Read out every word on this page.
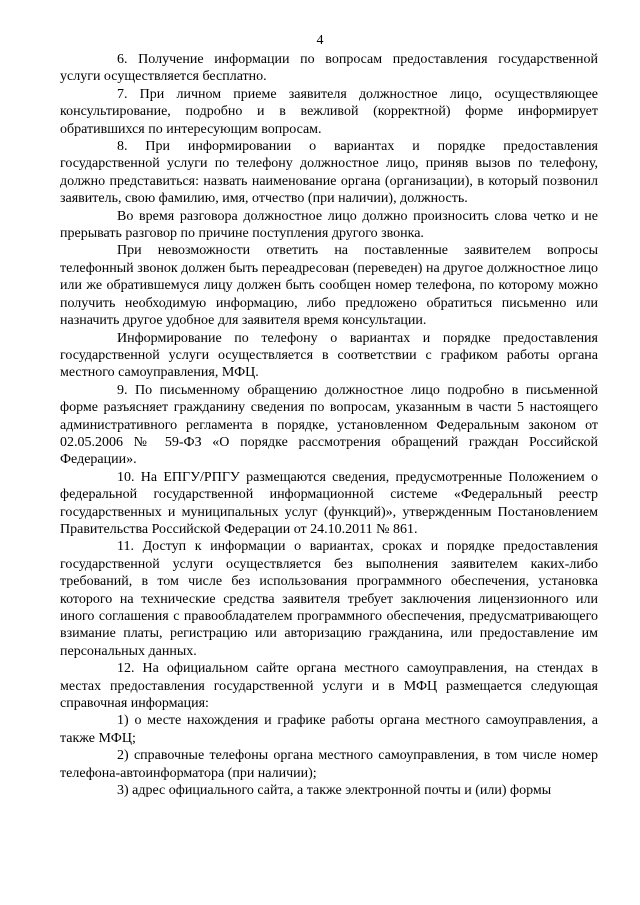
4

6. Получение информации по вопросам предоставления государственной услуги осуществляется бесплатно.

7. При личном приеме заявителя должностное лицо, осуществляющее консультирование, подробно и в вежливой (корректной) форме информирует обратившихся по интересующим вопросам.

8. При информировании о вариантах и порядке предоставления государственной услуги по телефону должностное лицо, приняв вызов по телефону, должно представиться: назвать наименование органа (организации), в который позвонил заявитель, свою фамилию, имя, отчество (при наличии), должность.

Во время разговора должностное лицо должно произносить слова четко и не прерывать разговор по причине поступления другого звонка.

При невозможности ответить на поставленные заявителем вопросы телефонный звонок должен быть переадресован (переведен) на другое должностное лицо или же обратившемуся лицу должен быть сообщен номер телефона, по которому можно получить необходимую информацию, либо предложено обратиться письменно или назначить другое удобное для заявителя время консультации.

Информирование по телефону о вариантах и порядке предоставления государственной услуги осуществляется в соответствии с графиком работы органа местного самоуправления, МФЦ.

9. По письменному обращению должностное лицо подробно в письменной форме разъясняет гражданину сведения по вопросам, указанным в части 5 настоящего административного регламента в порядке, установленном Федеральным законом от 02.05.2006 № 59-ФЗ «О порядке рассмотрения обращений граждан Российской Федерации».

10. На ЕПГУ/РПГУ размещаются сведения, предусмотренные Положением о федеральной государственной информационной системе «Федеральный реестр государственных и муниципальных услуг (функций)», утвержденным Постановлением Правительства Российской Федерации от 24.10.2011 № 861.

11. Доступ к информации о вариантах, сроках и порядке предоставления государственной услуги осуществляется без выполнения заявителем каких-либо требований, в том числе без использования программного обеспечения, установка которого на технические средства заявителя требует заключения лицензионного или иного соглашения с правообладателем программного обеспечения, предусматривающего взимание платы, регистрацию или авторизацию гражданина, или предоставление им персональных данных.

12. На официальном сайте органа местного самоуправления, на стендах в местах предоставления государственной услуги и в МФЦ размещается следующая справочная информация:

1) о месте нахождения и графике работы органа местного самоуправления, а также МФЦ;

2) справочные телефоны органа местного самоуправления, в том числе номер телефона-автоинформатора (при наличии);

3) адрес официального сайта, а также электронной почты и (или) формы
